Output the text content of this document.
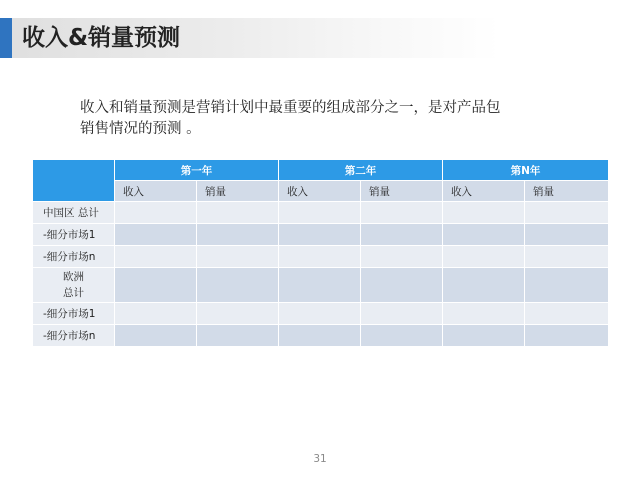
收入&销量预测

收入和销量预测是营销计划中最重要的组成部分之一，是对产品包

销售情况的预测 。

	第一年		第二年		第N年	
	收入	销量	收入	销量	收入	销量
中国区 总计						
-细分市场1						
-细分市场n						

欧洲
总计						

-细分市场1						
-细分市场n						
31
